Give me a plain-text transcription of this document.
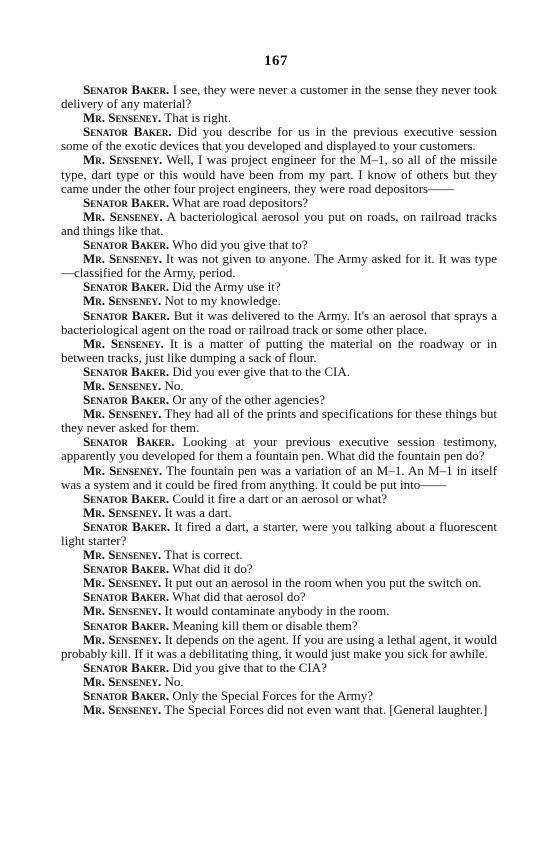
167

Senator Baker. I see, they were never a customer in the sense they never took delivery of any material?

Mr. Senseney. That is right.

Senator Baker. Did you describe for us in the previous executive session some of the exotic devices that you developed and displayed to your customers.

Mr. Senseney. Well, I was project engineer for the M–1, so all of the missile type, dart type or this would have been from my part. I know of others but they came under the other four project engineers, they were road depositors——

Senator Baker. What are road depositors?

Mr. Senseney. A bacteriological aerosol you put on roads, on railroad tracks and things like that.

Senator Baker. Who did you give that to?

Mr. Senseney. It was not given to anyone. The Army asked for it. It was type—classified for the Army, period.

Senator Baker. Did the Army use it?

Mr. Senseney. Not to my knowledge.

Senator Baker. But it was delivered to the Army. It's an aerosol that sprays a bacteriological agent on the road or railroad track or some other place.

Mr. Senseney. It is a matter of putting the material on the roadway or in between tracks, just like dumping a sack of flour.

Senator Baker. Did you ever give that to the CIA.

Mr. Senseney. No.

Senator Baker. Or any of the other agencies?

Mr. Senseney. They had all of the prints and specifications for these things but they never asked for them.

Senator Baker. Looking at your previous executive session testimony, apparently you developed for them a fountain pen. What did the fountain pen do?

Mr. Senseney. The fountain pen was a variation of an M–1. An M–1 in itself was a system and it could be fired from anything. It could be put into——

Senator Baker. Could it fire a dart or an aerosol or what?

Mr. Senseney. It was a dart.

Senator Baker. It fired a dart, a starter, were you talking about a fluorescent light starter?

Mr. Senseney. That is correct.

Senator Baker. What did it do?

Mr. Senseney. It put out an aerosol in the room when you put the switch on.

Senator Baker. What did that aerosol do?

Mr. Senseney. It would contaminate anybody in the room.

Senator Baker. Meaning kill them or disable them?

Mr. Senseney. It depends on the agent. If you are using a lethal agent, it would probably kill. If it was a debilitating thing, it would just make you sick for awhile.

Senator Baker. Did you give that to the CIA?

Mr. Senseney. No.

Senator Baker. Only the Special Forces for the Army?

Mr. Senseney. The Special Forces did not even want that. [General laughter.]
